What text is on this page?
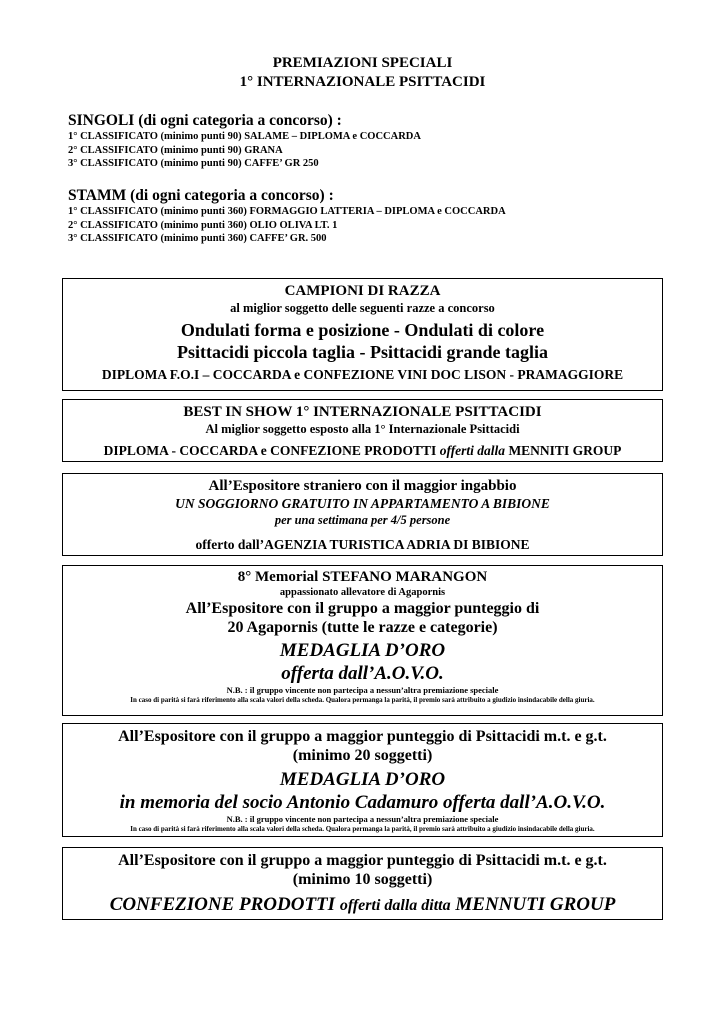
PREMIAZIONI SPECIALI
1° INTERNAZIONALE PSITTACIDI
SINGOLI (di ogni categoria a concorso) :
1° CLASSIFICATO (minimo punti 90) SALAME – DIPLOMA e COCCARDA
2° CLASSIFICATO (minimo punti 90) GRANA
3° CLASSIFICATO (minimo punti 90) CAFFE’ GR 250
STAMM (di ogni categoria a concorso) :
1° CLASSIFICATO (minimo punti 360) FORMAGGIO LATTERIA – DIPLOMA e COCCARDA
2° CLASSIFICATO (minimo punti 360) OLIO OLIVA LT. 1
3° CLASSIFICATO (minimo punti 360) CAFFE’ GR. 500
CAMPIONI DI RAZZA
al miglior soggetto delle seguenti razze a concorso
Ondulati forma e posizione - Ondulati di colore
Psittacidi piccola taglia - Psittacidi grande taglia
DIPLOMA F.O.I – COCCARDA e CONFEZIONE VINI DOC LISON - PRAMAGGIORE
BEST IN SHOW 1° INTERNAZIONALE PSITTACIDI
Al miglior soggetto esposto alla 1° Internazionale Psittacidi
DIPLOMA - COCCARDA e CONFEZIONE PRODOTTI offerti dalla MENNITI GROUP
All’Espositore straniero con il maggior ingabbio
UN SOGGIORNO GRATUITO IN APPARTAMENTO A BIBIONE
per una settimana per 4/5 persone
offerto dall’AGENZIA TURISTICA ADRIA DI BIBIONE
8° Memorial STEFANO MARANGON
appassionato allevatore di Agapornis
All’Espositore con il gruppo a maggior punteggio di
20 Agapornis (tutte le razze e categorie)
MEDAGLIA D’ORO
offerta dall’A.O.V.O.
N.B. : il gruppo vincente non partecipa a nessun’altra premiazione speciale
In caso di parità si farà riferimento alla scala valori della scheda. Qualora permanga la parità, il premio sarà attribuito a giudizio insindacabile della giuria.
All’Espositore con il gruppo a maggior punteggio di Psittacidi m.t. e g.t.
(minimo 20 soggetti)
MEDAGLIA D’ORO
in memoria del socio Antonio Cadamuro offerta dall’A.O.V.O.
N.B. : il gruppo vincente non partecipa a nessun’altra premiazione speciale
In caso di parità si farà riferimento alla scala valori della scheda. Qualora permanga la parità, il premio sarà attribuito a giudizio insindacabile della giuria.
All’Espositore con il gruppo a maggior punteggio di Psittacidi m.t. e g.t.
(minimo 10 soggetti)
CONFEZIONE PRODOTTI offerti dalla ditta MENNUTI GROUP
